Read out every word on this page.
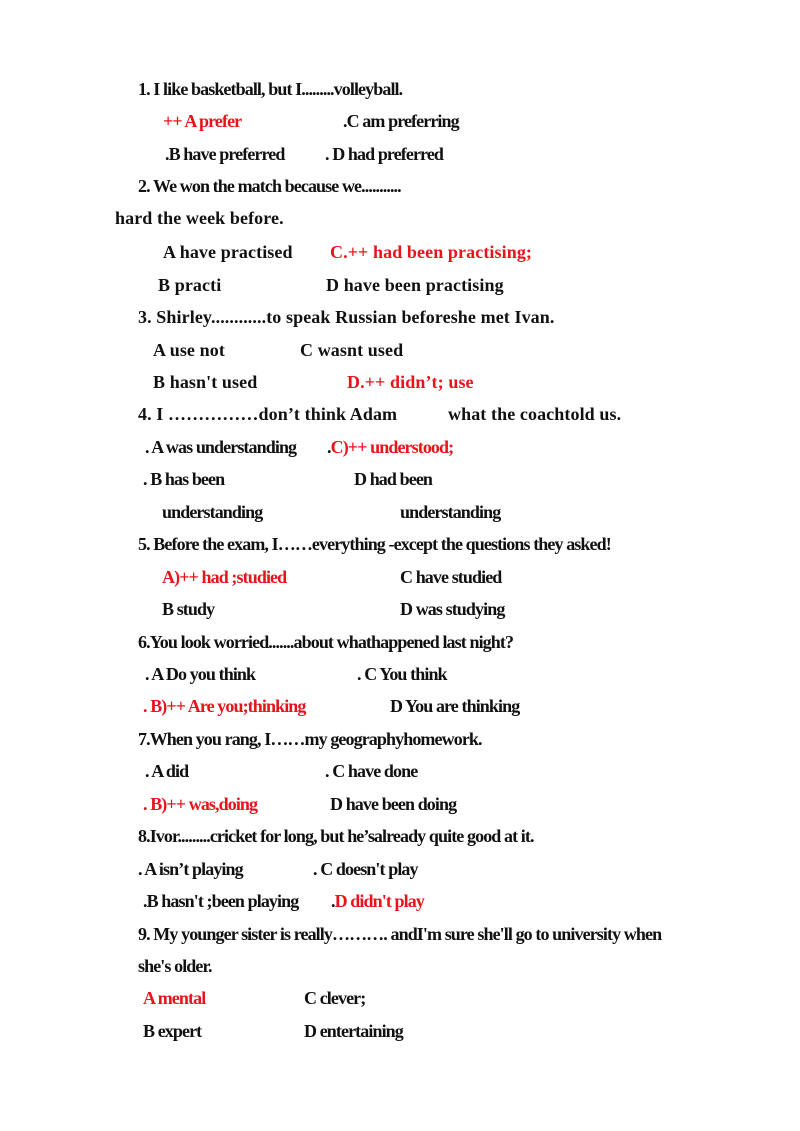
1. I like basketball, but I.........volleyball.
++ A prefer	.C am preferring
.B have preferred . D had preferred
2. We won the match because we...........
hard the week before.
A have practised C.++ had been practising;
B practi	D have been practising
3. Shirley............to speak Russian beforeshe met Ivan.
A use not	C wasnt used
B hasn't used	D.++ didn’t; use
4. I ……………don’t think Adam	what the coachtold us.
. A was understanding .C)++ understood;
. B has been	D had been
understanding	understanding
5. Before the exam, I……everything -except the questions they asked!
A)++ had ;studied	C have studied
B study	D was studying
6.You look worried.......about whathappened last night?
. A Do you think	. C You think
. B)++ Are you;thinking	D You are thinking
7.When you rang, I……my geographyhomework.
. A did	. C have done
. B)++ was,doing	D have been doing
8.Ivor.........cricket for long, but he’salready quite good at it.
. A isn’t playing	. C doesn't play
.B hasn't ;been playing .D didn't play
9. My younger sister is really………. andI'm sure she'll go to university when
she's older.
A mental	C clever;
B expert	D entertaining
